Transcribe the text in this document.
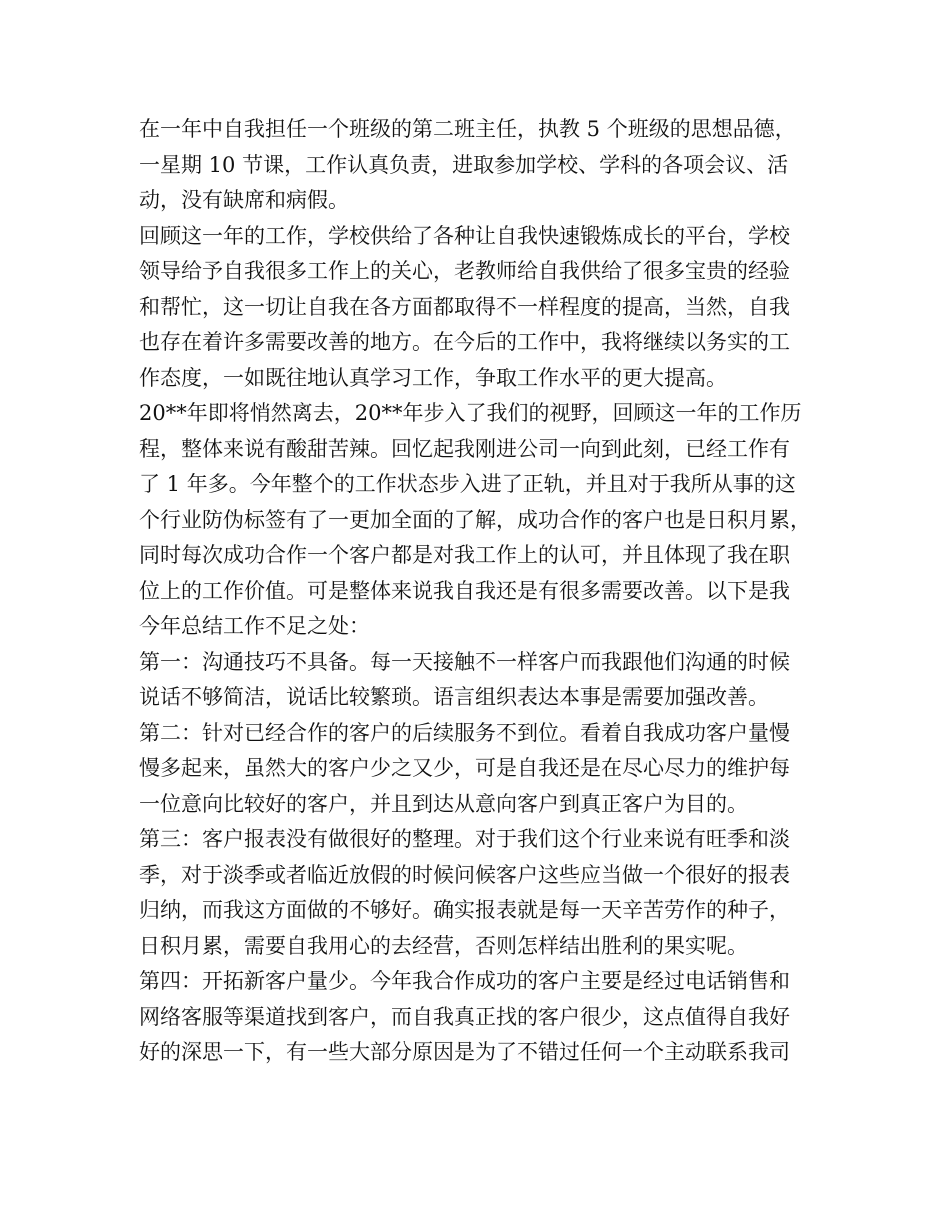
在一年中自我担任一个班级的第二班主任，执教 5 个班级的思想品德，
一星期 10 节课，工作认真负责，进取参加学校、学科的各项会议、活
动，没有缺席和病假。
回顾这一年的工作，学校供给了各种让自我快速锻炼成长的平台，学校
领导给予自我很多工作上的关心，老教师给自我供给了很多宝贵的经验
和帮忙，这一切让自我在各方面都取得不一样程度的提高，当然，自我
也存在着许多需要改善的地方。在今后的工作中，我将继续以务实的工
作态度，一如既往地认真学习工作，争取工作水平的更大提高。
20**年即将悄然离去，20**年步入了我们的视野，回顾这一年的工作历
程，整体来说有酸甜苦辣。回忆起我刚进公司一向到此刻，已经工作有
了 1 年多。今年整个的工作状态步入进了正轨，并且对于我所从事的这
个行业防伪标签有了一更加全面的了解，成功合作的客户也是日积月累，
同时每次成功合作一个客户都是对我工作上的认可，并且体现了我在职
位上的工作价值。可是整体来说我自我还是有很多需要改善。以下是我
今年总结工作不足之处：
第一：沟通技巧不具备。每一天接触不一样客户而我跟他们沟通的时候
说话不够简洁，说话比较繁琐。语言组织表达本事是需要加强改善。
第二：针对已经合作的客户的后续服务不到位。看着自我成功客户量慢
慢多起来，虽然大的客户少之又少，可是自我还是在尽心尽力的维护每
一位意向比较好的客户，并且到达从意向客户到真正客户为目的。
第三：客户报表没有做很好的整理。对于我们这个行业来说有旺季和淡
季，对于淡季或者临近放假的时候问候客户这些应当做一个很好的报表
归纳，而我这方面做的不够好。确实报表就是每一天辛苦劳作的种子，
日积月累，需要自我用心的去经营，否则怎样结出胜利的果实呢。
第四：开拓新客户量少。今年我合作成功的客户主要是经过电话销售和
网络客服等渠道找到客户，而自我真正找的客户很少，这点值得自我好
好的深思一下，有一些大部分原因是为了不错过任何一个主动联系我司
